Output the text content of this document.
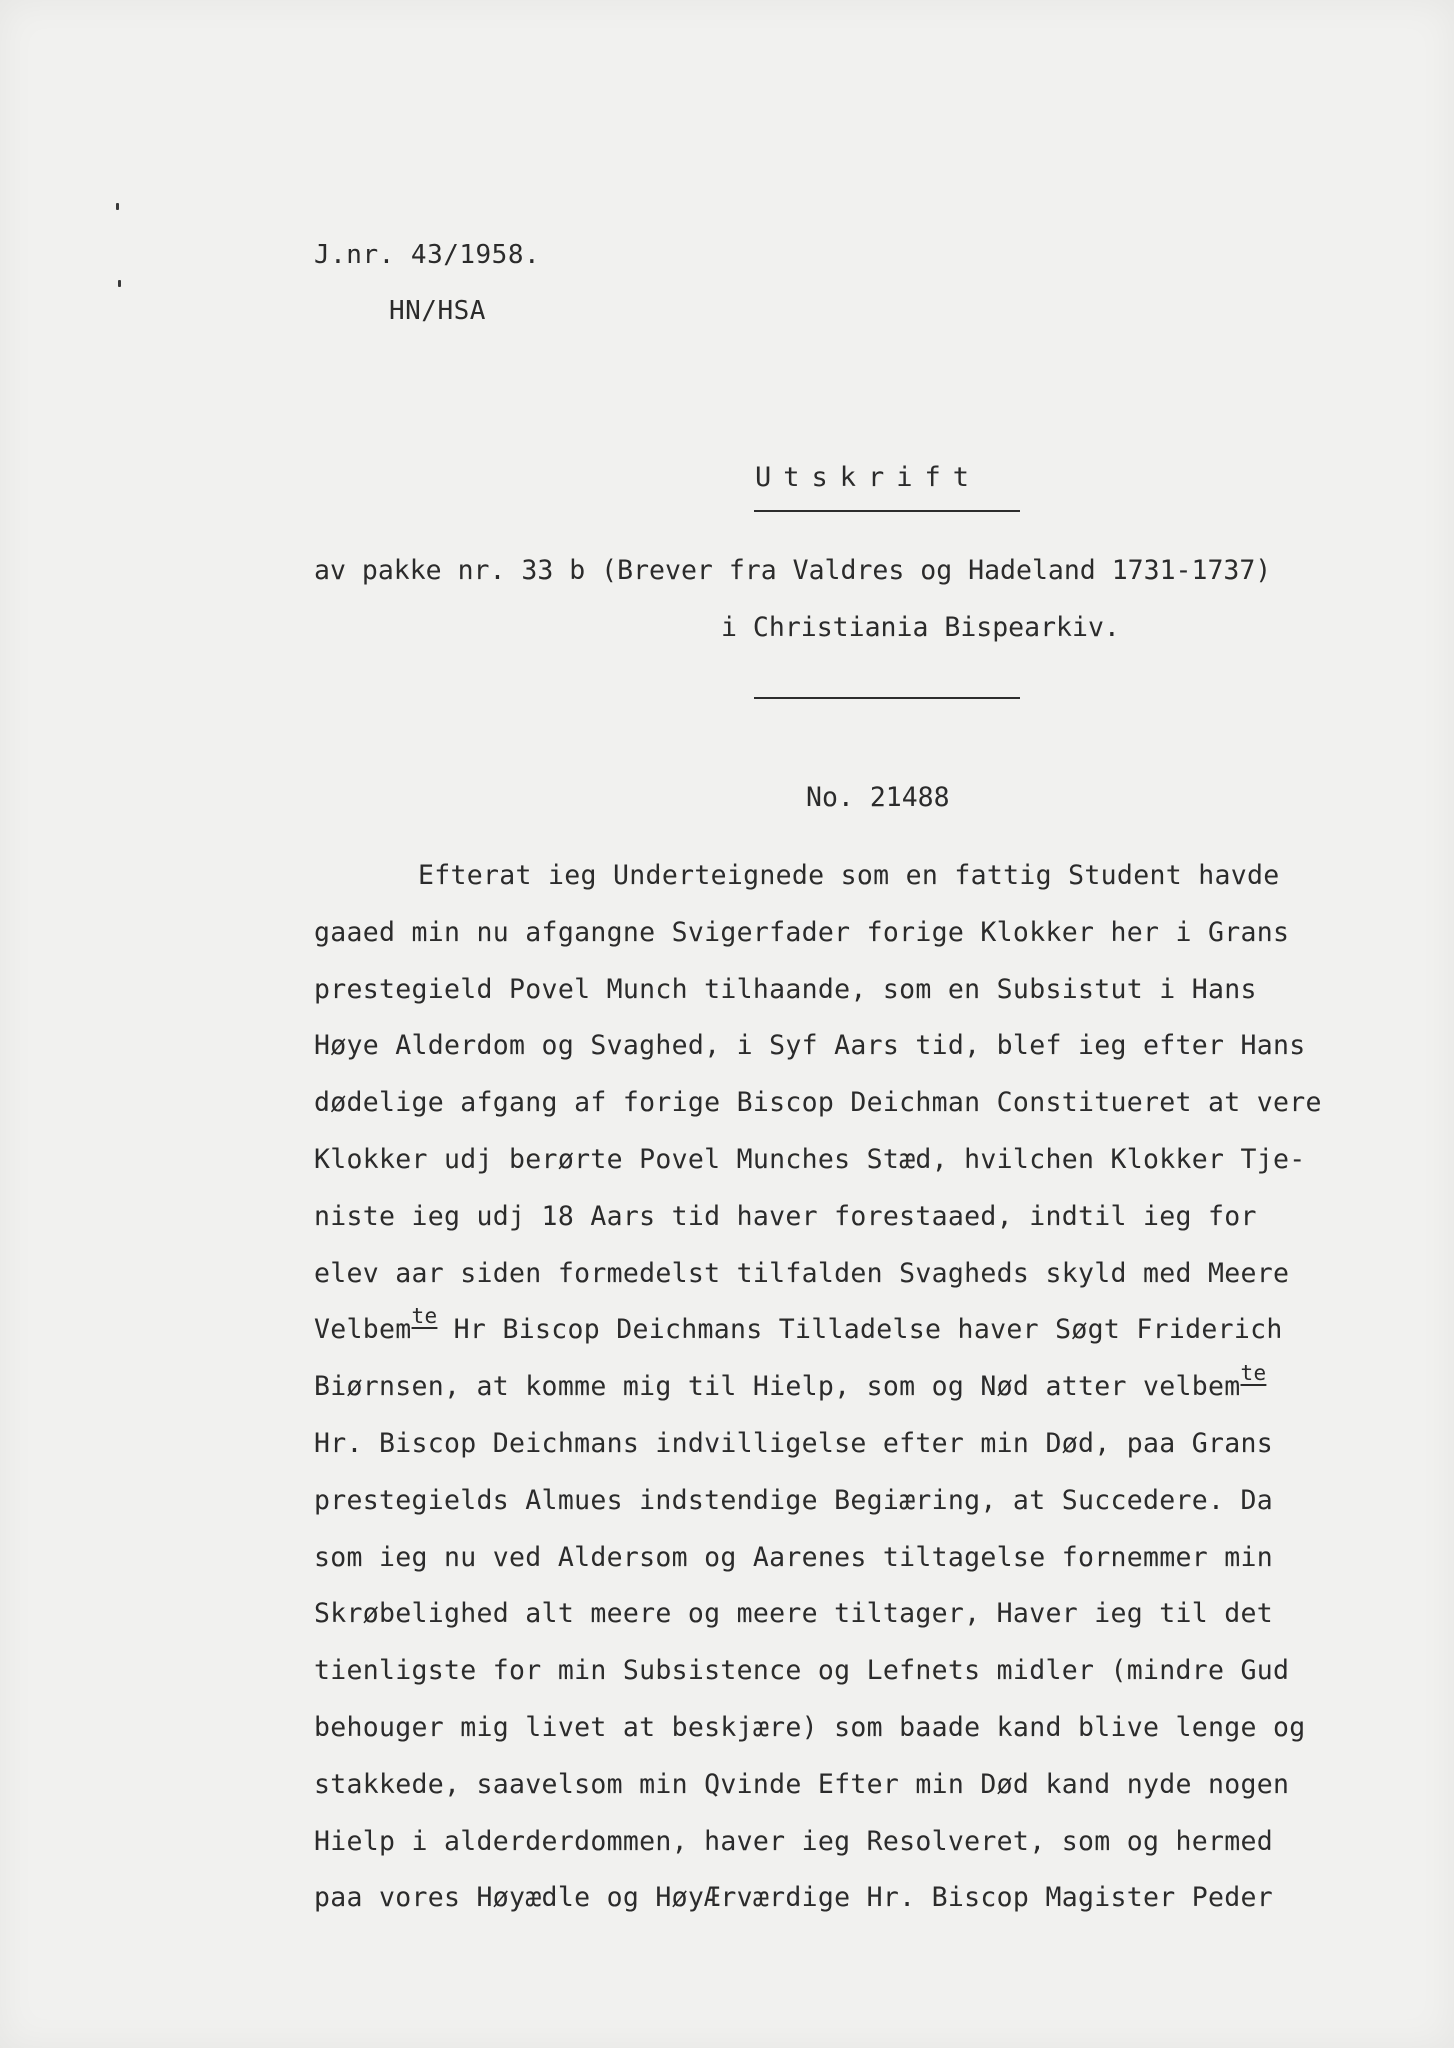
J.nr. 43/1958.
HN/HSA
Utskrift
av pakke nr. 33 b (Brever fra Valdres og Hadeland 1731-1737)
i Christiania Bispearkiv.
No. 21488
Efterat ieg Underteignede som en fattig Student havde
gaaed min nu afgangne Svigerfader forige Klokker her i Grans
prestegield Povel Munch tilhaande, som en Subsistut i Hans
Høye Alderdom og Svaghed, i Syf Aars tid, blef ieg efter Hans
dødelige afgang af forige Biscop Deichman Constitueret at vere
Klokker udj berørte Povel Munches Stæd, hvilchen Klokker Tje-
niste ieg udj 18 Aars tid haver forestaaed, indtil ieg for
elev aar siden formedelst tilfalden Svagheds skyld med Meere
Velbem$^{te}$ Hr Biscop Deichmans Tilladelse haver Søgt Friderich
Biørnsen, at komme mig til Hielp, som og Nød atter velbem$^{te}$
Hr. Biscop Deichmans indvilligelse efter min Død, paa Grans
prestegields Almues indstendige Begiæring, at Succedere. Da
som ieg nu ved Aldersom og Aarenes tiltagelse fornemmer min
Skrøbelighed alt meere og meere tiltager, Haver ieg til det
tienligste for min Subsistence og Lefnets midler (mindre Gud
behouger mig livet at beskjære) som baade kand blive lenge og
stakkede, saavelsom min Qvinde Efter min Død kand nyde nogen
Hielp i alderderdommen, haver ieg Resolveret, som og hermed
paa vores Høyædle og HøyÆrværdige Hr. Biscop Magister Peder
